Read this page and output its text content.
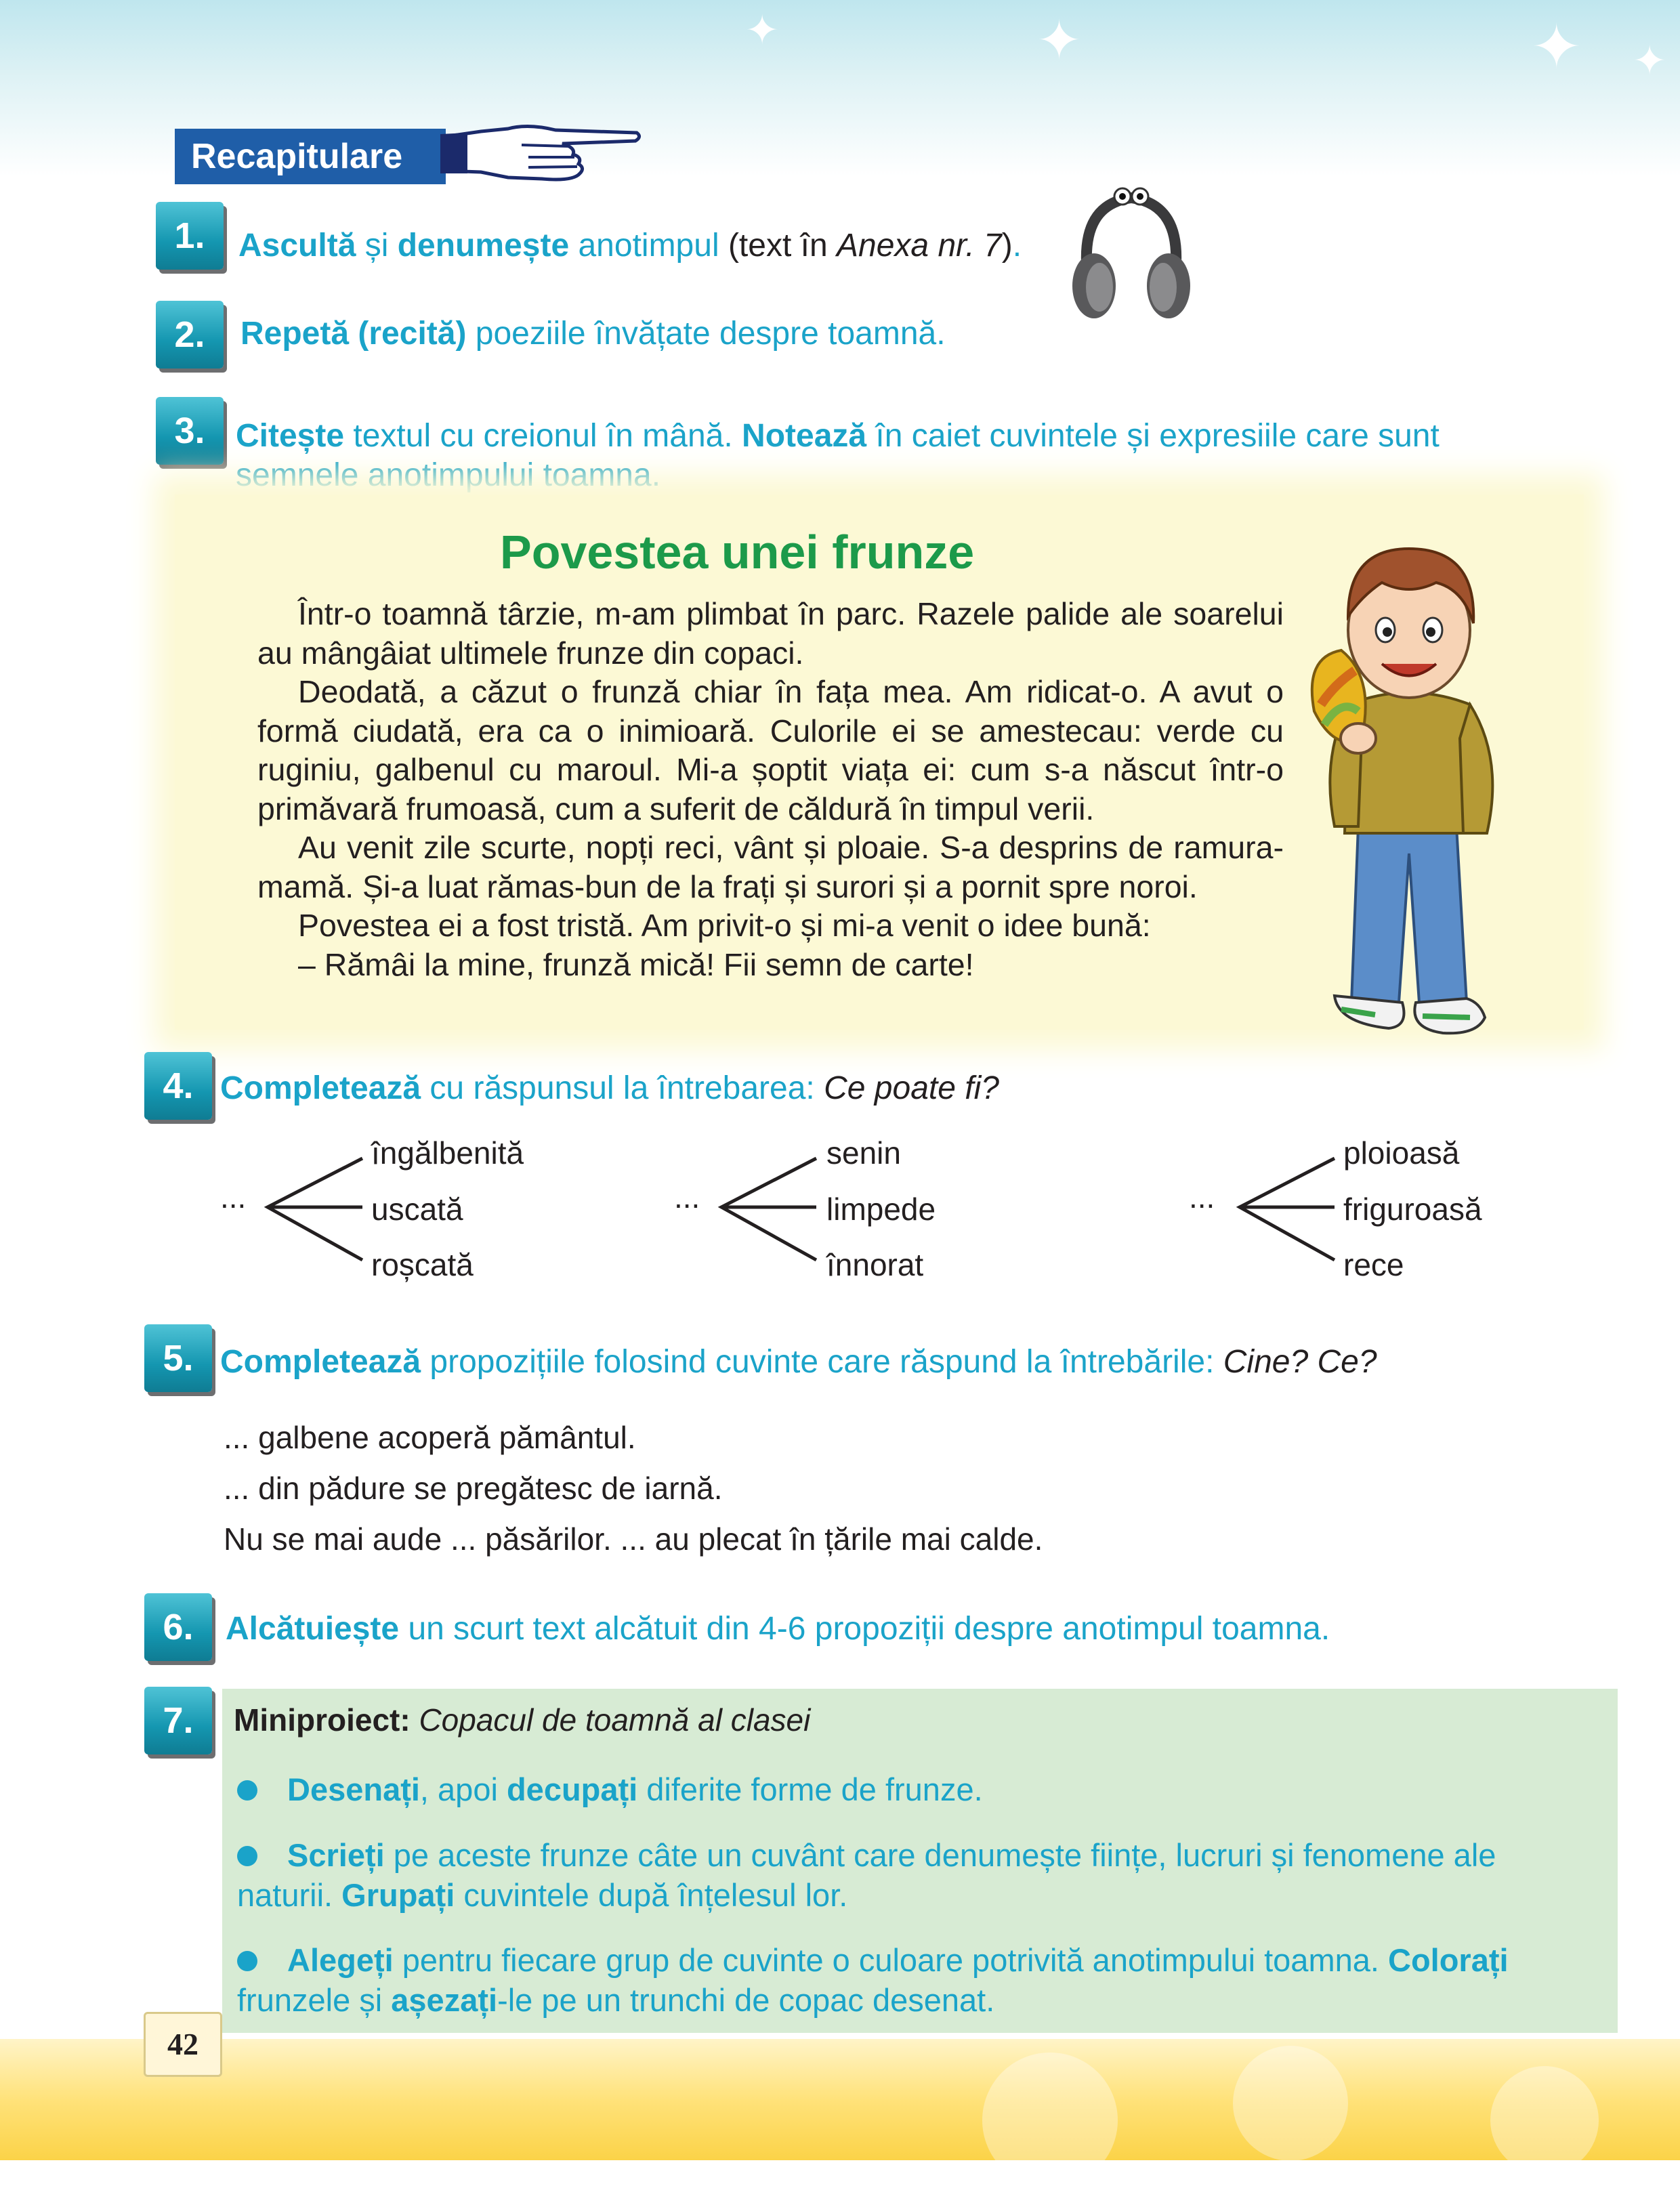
✦	✦	✦ ✦
Recapitulare
1.	Ascultă și denumește anotimpul (text în Anexa nr. 7).
2.	Repetă (recită) poeziile învățate despre toamnă.
3. Citește textul cu creionul în mână. Notează în caiet cuvintele și expresiile care sunt
semnele anotimpului toamna.
Povestea unei frunze

Într-o toamnă târzie, m-am plimbat în parc. Razele palide ale soarelui au mângâiat ultimele frunze din copaci.

Deodată, a căzut o frunză chiar în fața mea. Am ridicat-o. A avut o formă ciudată, era ca o inimioară. Culorile ei se amestecau: verde cu ruginiu, galbenul cu maroul. Mi-a șoptit viața ei: cum s-a născut într-o primăvară frumoasă, cum a suferit de căldură în timpul verii.

Au venit zile scurte, nopți reci, vânt și ploaie. S-a desprins de ramura-mamă. Și-a luat rămas-bun de la frați și surori și a pornit spre noroi.

Povestea ei a fost tristă. Am privit-o și mi-a venit o idee bună:

– Rămâi la mine, frunză mică! Fii semn de carte!

4. Completează cu răspunsul la întrebarea: Ce poate fi?
...
îngălbenită
uscată
roșcată
...
senin
limpede
înnorat
...
ploioasă
friguroasă
rece
5. Completează propozițiile folosind cuvinte care răspund la întrebările: Cine? Ce?
... galbene acoperă pământul.
... din pădure se pregătesc de iarnă.
Nu se mai aude ... păsărilor. ... au plecat în țările mai calde.
6. Alcătuiește un scurt text alcătuit din 4-6 propoziții despre anotimpul toamna.
7.	Miniproiect: Copacul de toamnă al clasei
Desenați, apoi decupați diferite forme de frunze.
Scrieți pe aceste frunze câte un cuvânt care denumește ființe, lucruri și fenomene ale
naturii. Grupați cuvintele după înțelesul lor.
Alegeți pentru fiecare grup de cuvinte o culoare potrivită anotimpului toamna. Colorați
frunzele și așezați-le pe un trunchi de copac desenat.
42
